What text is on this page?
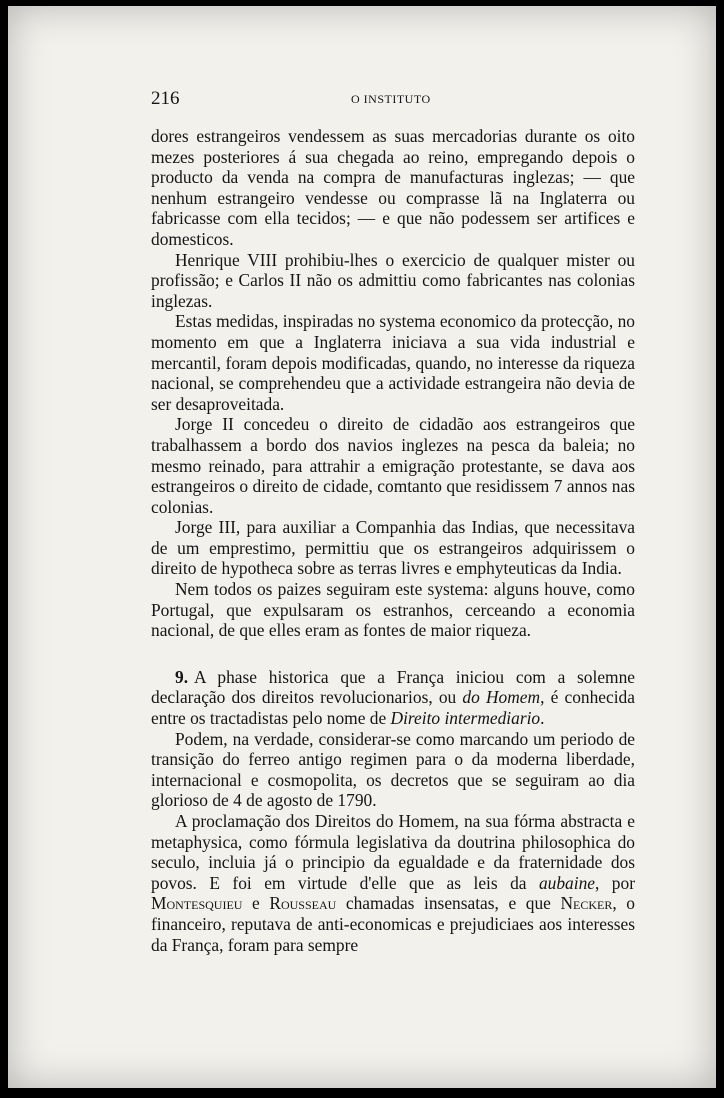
216	O INSTITUTO

dores estrangeiros vendessem as suas mercadorias durante os oito mezes posteriores á sua chegada ao reino, empregando depois o producto da venda na compra de manufacturas inglezas; — que nenhum estrangeiro vendesse ou comprasse lã na Inglaterra ou fabricasse com ella tecidos; — e que não podessem ser artifices e domesticos.

Henrique VIII prohibiu-lhes o exercicio de qualquer mister ou profissão; e Carlos II não os admittiu como fabricantes nas colonias inglezas.

Estas medidas, inspiradas no systema economico da protecção, no momento em que a Inglaterra iniciava a sua vida industrial e mercantil, foram depois modificadas, quando, no interesse da riqueza nacional, se comprehendeu que a actividade estrangeira não devia de ser desaproveitada.

Jorge II concedeu o direito de cidadão aos estrangeiros que trabalhassem a bordo dos navios inglezes na pesca da baleia; no mesmo reinado, para attrahir a emigração protestante, se dava aos estrangeiros o direito de cidade, comtanto que residissem 7 annos nas colonias.

Jorge III, para auxiliar a Companhia das Indias, que necessitava de um emprestimo, permittiu que os estrangeiros adquirissem o direito de hypotheca sobre as terras livres e emphyteuticas da India.

Nem todos os paizes seguiram este systema: alguns houve, como Portugal, que expulsaram os estranhos, cerceando a economia nacional, de que elles eram as fontes de maior riqueza.

9. A phase historica que a França iniciou com a solemne declaração dos direitos revolucionarios, ou do Homem, é conhecida entre os tractadistas pelo nome de Direito intermediario.

Podem, na verdade, considerar-se como marcando um periodo de transição do ferreo antigo regimen para o da moderna liberdade, internacional e cosmopolita, os decretos que se seguiram ao dia glorioso de 4 de agosto de 1790.

A proclamação dos Direitos do Homem, na sua fórma abstracta e metaphysica, como fórmula legislativa da doutrina philosophica do seculo, incluia já o principio da egualdade e da fraternidade dos povos. E foi em virtude d'elle que as leis da aubaine, por Montesquieu e Rousseau chamadas insensatas, e que Necker, o financeiro, reputava de anti-economicas e prejudiciaes aos interesses da França, foram para sempre
